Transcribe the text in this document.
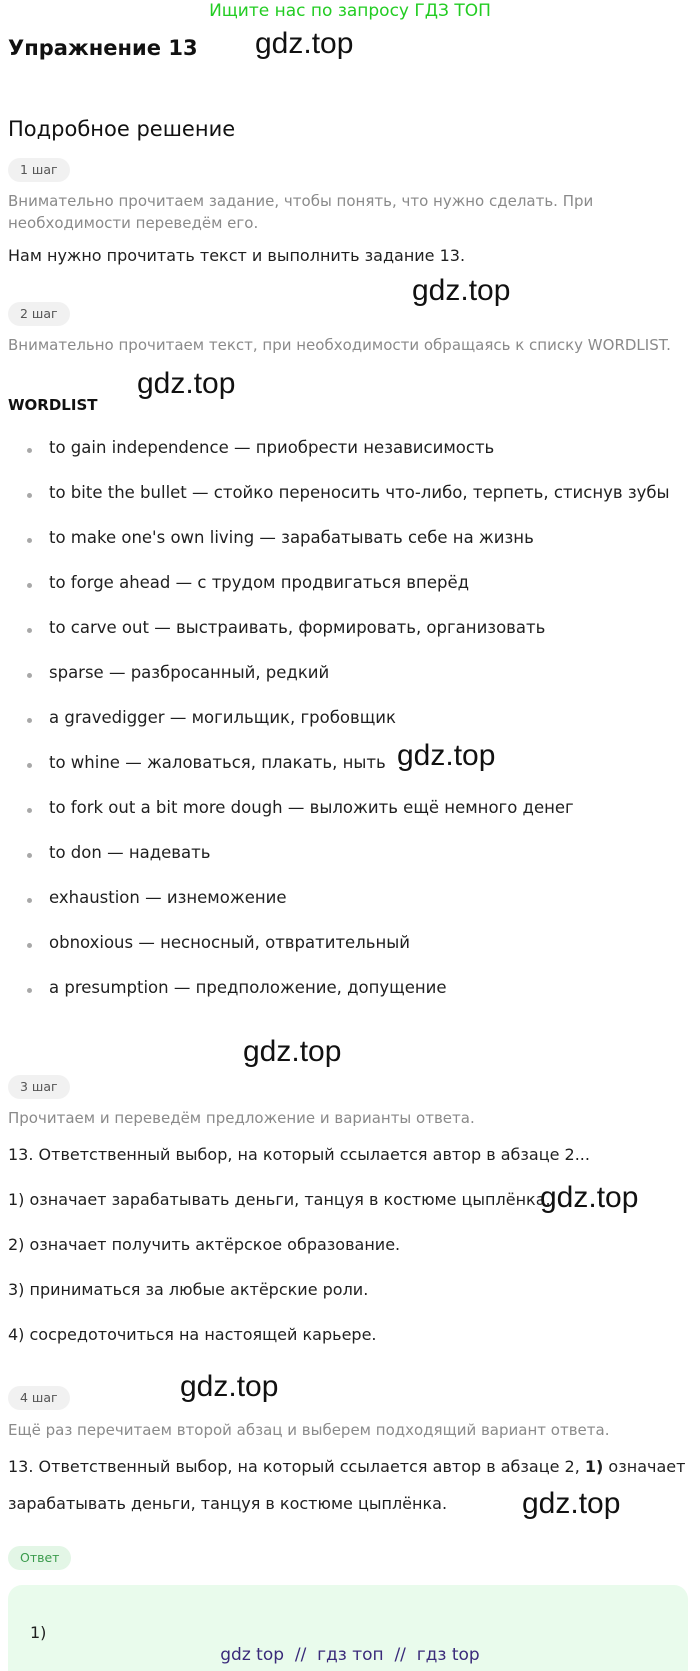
Ищите нас по запросу ГДЗ ТОП
Упражнение 13 gdz.top
Подробное решение
1 шаг
Внимательно прочитаем задание, чтобы понять, что нужно сделать. При необходимости переведём его.
Нам нужно прочитать текст и выполнить задание 13.
gdz.top
2 шаг
Внимательно прочитаем текст, при необходимости обращаясь к списку WORDLIST.
WORDLIST
gdz.top
to gain independence — приобрести независимость
to bite the bullet — стойко переносить что-либо, терпеть, стиснув зубы
to make one's own living — зарабатывать себе на жизнь
to forge ahead — с трудом продвигаться вперёд
to carve out — выстраивать, формировать, организовать
sparse — разбросанный, редкий
a gravedigger — могильщик, гробовщик
to whine — жаловаться, плакать, ныть
to fork out a bit more dough — выложить ещё немного денег
to don — надевать
exhaustion — изнеможение
obnoxious — несносный, отвратительный
a presumption — предположение, допущение
gdz.top
gdz.top
3 шаг
Прочитаем и переведём предложение и варианты ответа.
13. Ответственный выбор, на который ссылается автор в абзаце 2...
1) означает зарабатывать деньги, танцуя в костюме цыплёнка.
gdz.top
2) означает получить актёрское образование.
3) приниматься за любые актёрские роли.
4) сосредоточиться на настоящей карьере.
4 шаг	gdz.top
Ещё раз перечитаем второй абзац и выберем подходящий вариант ответа.
13. Ответственный выбор, на который ссылается автор в абзаце 2, 1) означает
зарабатывать деньги, танцуя в костюме цыплёнка. gdz.top
Ответ
1)
gdz top  //  гдз топ  //  гдз top
